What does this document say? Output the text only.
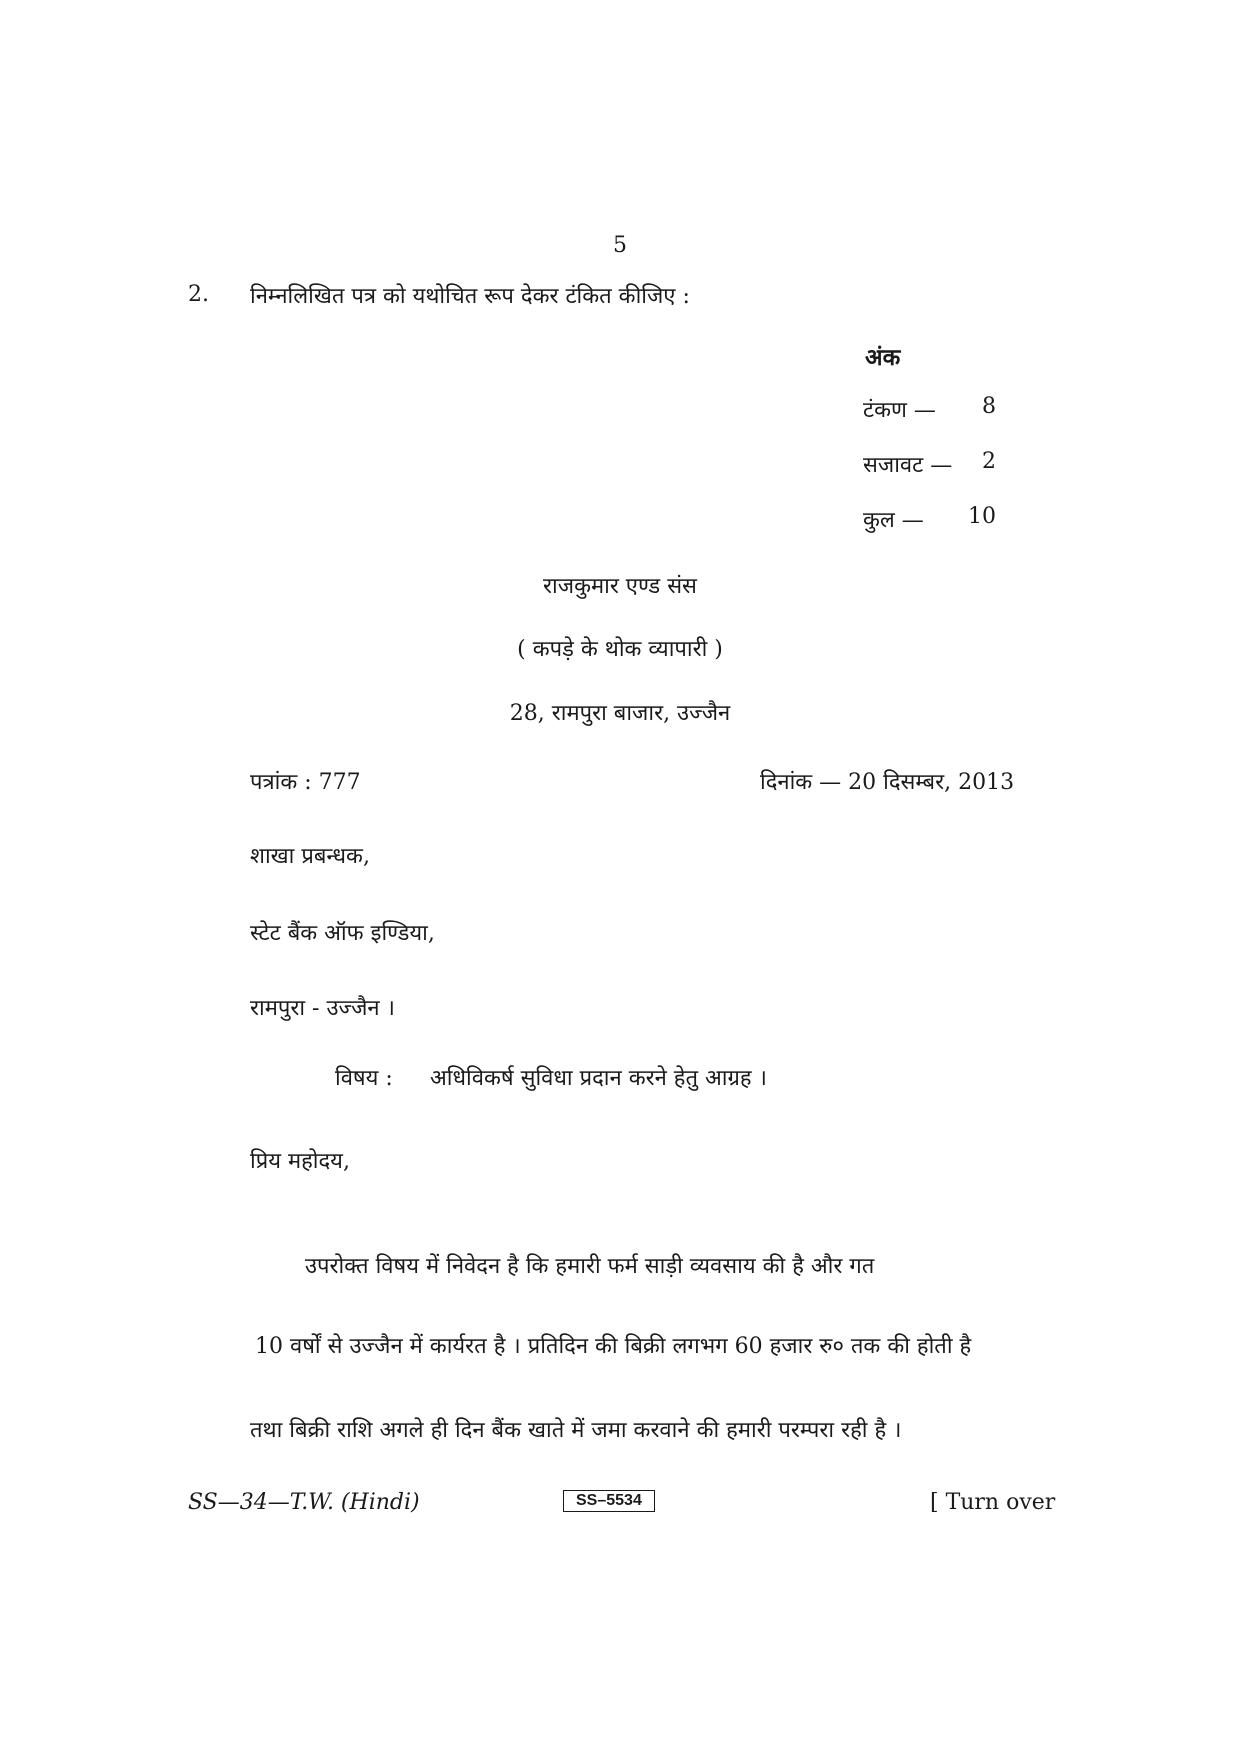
5
2. निम्नलिखित पत्र को यथोचित रूप देकर टंकित कीजिए :
अंक
टंकण —	8
सजावट —	2
कुल —	10
राजकुमार एण्ड संस
( कपड़े के थोक व्यापारी )
28, रामपुरा बाजार, उज्जैन
पत्रांक : 777	दिनांक — 20 दिसम्बर, 2013
शाखा प्रबन्धक,
स्टेट बैंक ऑफ इण्डिया,
रामपुरा - उज्जैन ।
विषय : अधिविकर्ष सुविधा प्रदान करने हेतु आग्रह ।
प्रिय महोदय,
उपरोक्त विषय में निवेदन है कि हमारी फर्म साड़ी व्यवसाय की है और गत
10 वर्षों से उज्जैन में कार्यरत है । प्रतिदिन की बिक्री लगभग 60 हजार रु० तक की होती है
तथा बिक्री राशि अगले ही दिन बैंक खाते में जमा करवाने की हमारी परम्परा रही है ।
SS—34—T.W. (Hindi)	SS–5534	[ Turn over
